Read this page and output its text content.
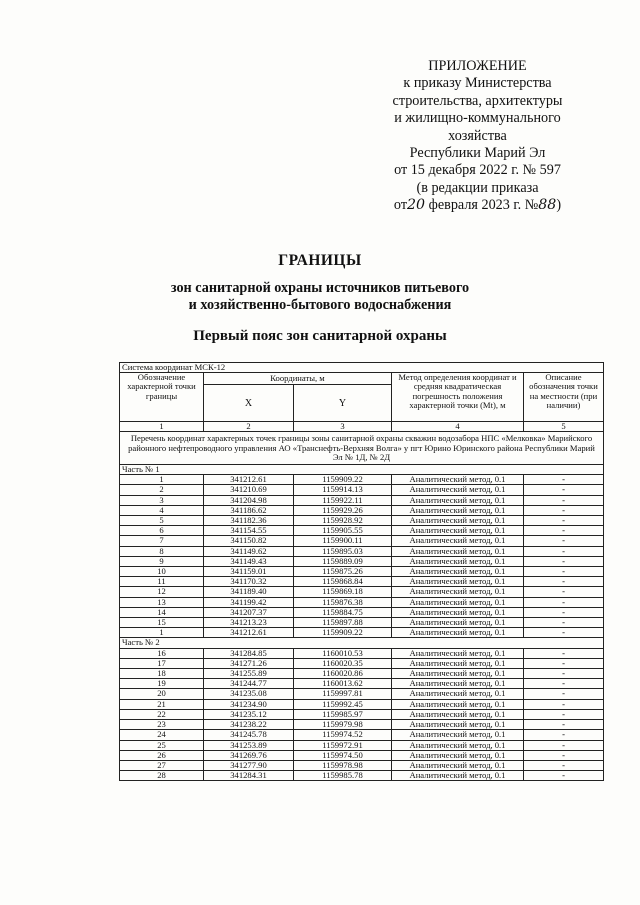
ПРИЛОЖЕНИЕ
к приказу Министерства
строительства, архитектуры
и жилищно-коммунального
хозяйства
Республики Марий Эл
от 15 декабря 2022 г. № 597
(в редакции приказа
от20 февраля 2023 г. №88)
ГРАНИЦЫ
зон санитарной охраны источников питьевого
и хозяйственно-бытового водоснабжения
Первый пояс зон санитарной охраны
Система координат МСК-12				
Обозначение характерной точки границы	Координаты, м		Метод определения координат и средняя квадратическая погрешность положения характерной точки (Mt), м	Описание обозначения точки на местности (при наличии)
	X	Y		
1	2	3	4	5
Перечень координат характерных точек границы зоны санитарной охраны скважин водозабора НПС «Мелковка» Марийского районного нефтепроводного управления АО «Транснефть-Верхняя Волга» у пгт Юрино Юринского района Республики Марий Эл № 1Д, № 2Д				
Часть № 1				
1	341212.61	1159909.22	Аналитический метод, 0.1	-
2	341210.69	1159914.13	Аналитический метод, 0.1	-
3	341204.98	1159922.11	Аналитический метод, 0.1	-
4	341186.62	1159929.26	Аналитический метод, 0.1	-
5	341182.36	1159928.92	Аналитический метод, 0.1	-
6	341154.55	1159905.55	Аналитический метод, 0.1	-
7	341150.82	1159900.11	Аналитический метод, 0.1	-
8	341149.62	1159895.03	Аналитический метод, 0.1	-
9	341149.43	1159889.09	Аналитический метод, 0.1	-
10	341159.01	1159875.26	Аналитический метод, 0.1	-
11	341170.32	1159868.84	Аналитический метод, 0.1	-
12	341189.40	1159869.18	Аналитический метод, 0.1	-
13	341199.42	1159876.38	Аналитический метод, 0.1	-
14	341207.37	1159884.75	Аналитический метод, 0.1	-
15	341213.23	1159897.88	Аналитический метод, 0.1	-
1	341212.61	1159909.22	Аналитический метод, 0.1	-
Часть № 2				
16	341284.85	1160010.53	Аналитический метод, 0.1	-
17	341271.26	1160020.35	Аналитический метод, 0.1	-
18	341255.89	1160020.86	Аналитический метод, 0.1	-
19	341244.77	1160013.62	Аналитический метод, 0.1	-
20	341235.08	1159997.81	Аналитический метод, 0.1	-
21	341234.90	1159992.45	Аналитический метод, 0.1	-
22	341235.12	1159985.97	Аналитический метод, 0.1	-
23	341238.22	1159979.98	Аналитический метод, 0.1	-
24	341245.78	1159974.52	Аналитический метод, 0.1	-
25	341253.89	1159972.91	Аналитический метод, 0.1	-
26	341269.76	1159974.50	Аналитический метод, 0.1	-
27	341277.90	1159978.98	Аналитический метод, 0.1	-
28	341284.31	1159985.78	Аналитический метод, 0.1	-
